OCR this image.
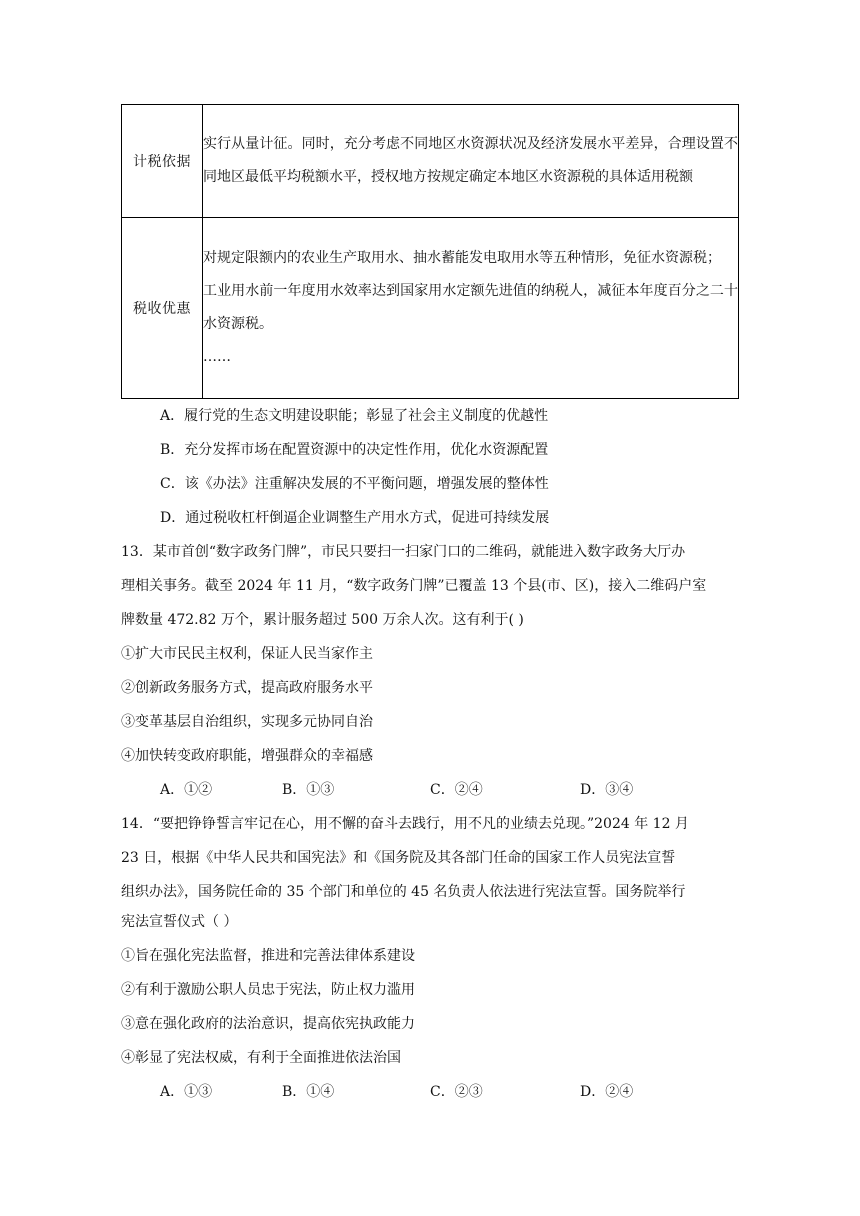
计税依据	实行从量计征。同时，充分考虑不同地区水资源状况及经济发展水平差异，合理设置不同地区最低平均税额水平，授权地方按规定确定本地区水资源税的具体适用税额

税收优惠	对规定限额内的农业生产取用水、抽水蓄能发电取用水等五种情形，免征水资源税；
工业用水前一年度用水效率达到国家用水定额先进值的纳税人，减征本年度百分之二十水资源税。
……
A．履行党的生态文明建设职能；彰显了社会主义制度的优越性
B．充分发挥市场在配置资源中的决定性作用，优化水资源配置
C．该《办法》注重解决发展的不平衡问题，增强发展的整体性
D．通过税收杠杆倒逼企业调整生产用水方式，促进可持续发展
13．某市首创“数字政务门牌”，市民只要扫一扫家门口的二维码，就能进入数字政务大厅办
理相关事务。截至 2024 年 11 月，“数字政务门牌”已覆盖 13 个县(市、区)，接入二维码户室
牌数量 472.82 万个，累计服务超过 500 万余人次。这有利于( )
①扩大市民民主权利，保证人民当家作主
②创新政务服务方式，提高政府服务水平
③变革基层自治组织，实现多元协同自治
④加快转变政府职能，增强群众的幸福感
A．①②	B．①③	C．②④	D．③④
14．“要把铮铮誓言牢记在心，用不懈的奋斗去践行，用不凡的业绩去兑现。”2024 年 12 月
23 日，根据《中华人民共和国宪法》和《国务院及其各部门任命的国家工作人员宪法宣誓
组织办法》，国务院任命的 35 个部门和单位的 45 名负责人依法进行宪法宣誓。国务院举行
宪法宣誓仪式（ ）
①旨在强化宪法监督，推进和完善法律体系建设
②有利于激励公职人员忠于宪法，防止权力滥用
③意在强化政府的法治意识，提高依宪执政能力
④彰显了宪法权威，有利于全面推进依法治国
A．①③	B．①④	C．②③	D．②④
